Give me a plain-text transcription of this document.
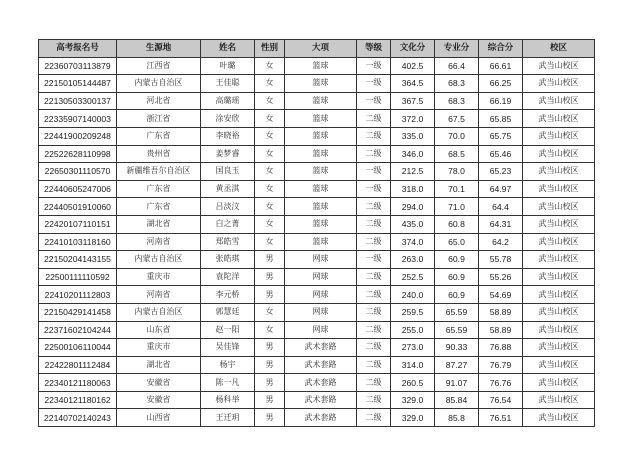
高考报名号	生源地	姓名	性别	大项	等级	文化分	专业分	综合分	校区
22360703113879	江西省	叶璐	女	篮球	一级	402.5	66.4	66.61	武当山校区
22150105144487	内蒙古自治区	王佳聪	女	篮球	一级	364.5	68.3	66.25	武当山校区
22130503300137	河北省	高璐瑶	女	篮球	一级	367.5	68.3	66.19	武当山校区
22335907140003	浙江省	涂安欣	女	篮球	二级	372.0	67.5	65.85	武当山校区
22441900209248	广东省	李晓裕	女	篮球	二级	335.0	70.0	65.75	武当山校区
22522628110998	贵州省	姜梦睿	女	篮球	二级	346.0	68.5	65.46	武当山校区
22650301110570	新疆维吾尔自治区	国良玉	女	篮球	一级	212.5	78.0	65.23	武当山校区
22440605247006	广东省	黄丞淇	女	篮球	一级	318.0	70.1	64.97	武当山校区
22440501910060	广东省	吕淡汶	女	篮球	二级	294.0	71.0	64.4	武当山校区
22420107110151	湖北省	白之菁	女	篮球	二级	435.0	60.8	64.31	武当山校区
22410103118160	河南省	郑皓雪	女	篮球	二级	374.0	65.0	64.2	武当山校区
22150204143155	内蒙古自治区	张皓琪	男	网球	一级	263.0	60.9	55.78	武当山校区
22500111110592	重庆市	袁陀洋	男	网球	二级	252.5	60.9	55.26	武当山校区
22410201112803	河南省	李元桥	男	网球	二级	240.0	60.9	54.69	武当山校区
22150429141458	内蒙古自治区	郭慧廷	女	网球	二级	259.5	65.59	58.89	武当山校区
22371602104244	山东省	赵一阳	女	网球	二级	255.0	65.59	58.89	武当山校区
22500106110044	重庆市	吴佳锋	男	武术套路	二级	273.0	90.33	76.88	武当山校区
22422801112484	湖北省	杨宇	男	武术套路	二级	314.0	87.27	76.79	武当山校区
22340121180063	安徽省	陈一凡	男	武术套路	二级	260.5	91.07	76.76	武当山校区
22340121180162	安徽省	杨科举	男	武术套路	二级	329.0	85.84	76.54	武当山校区
22140702140243	山西省	王迁玥	男	武术套路	二级	329.0	85.8	76.51	武当山校区
